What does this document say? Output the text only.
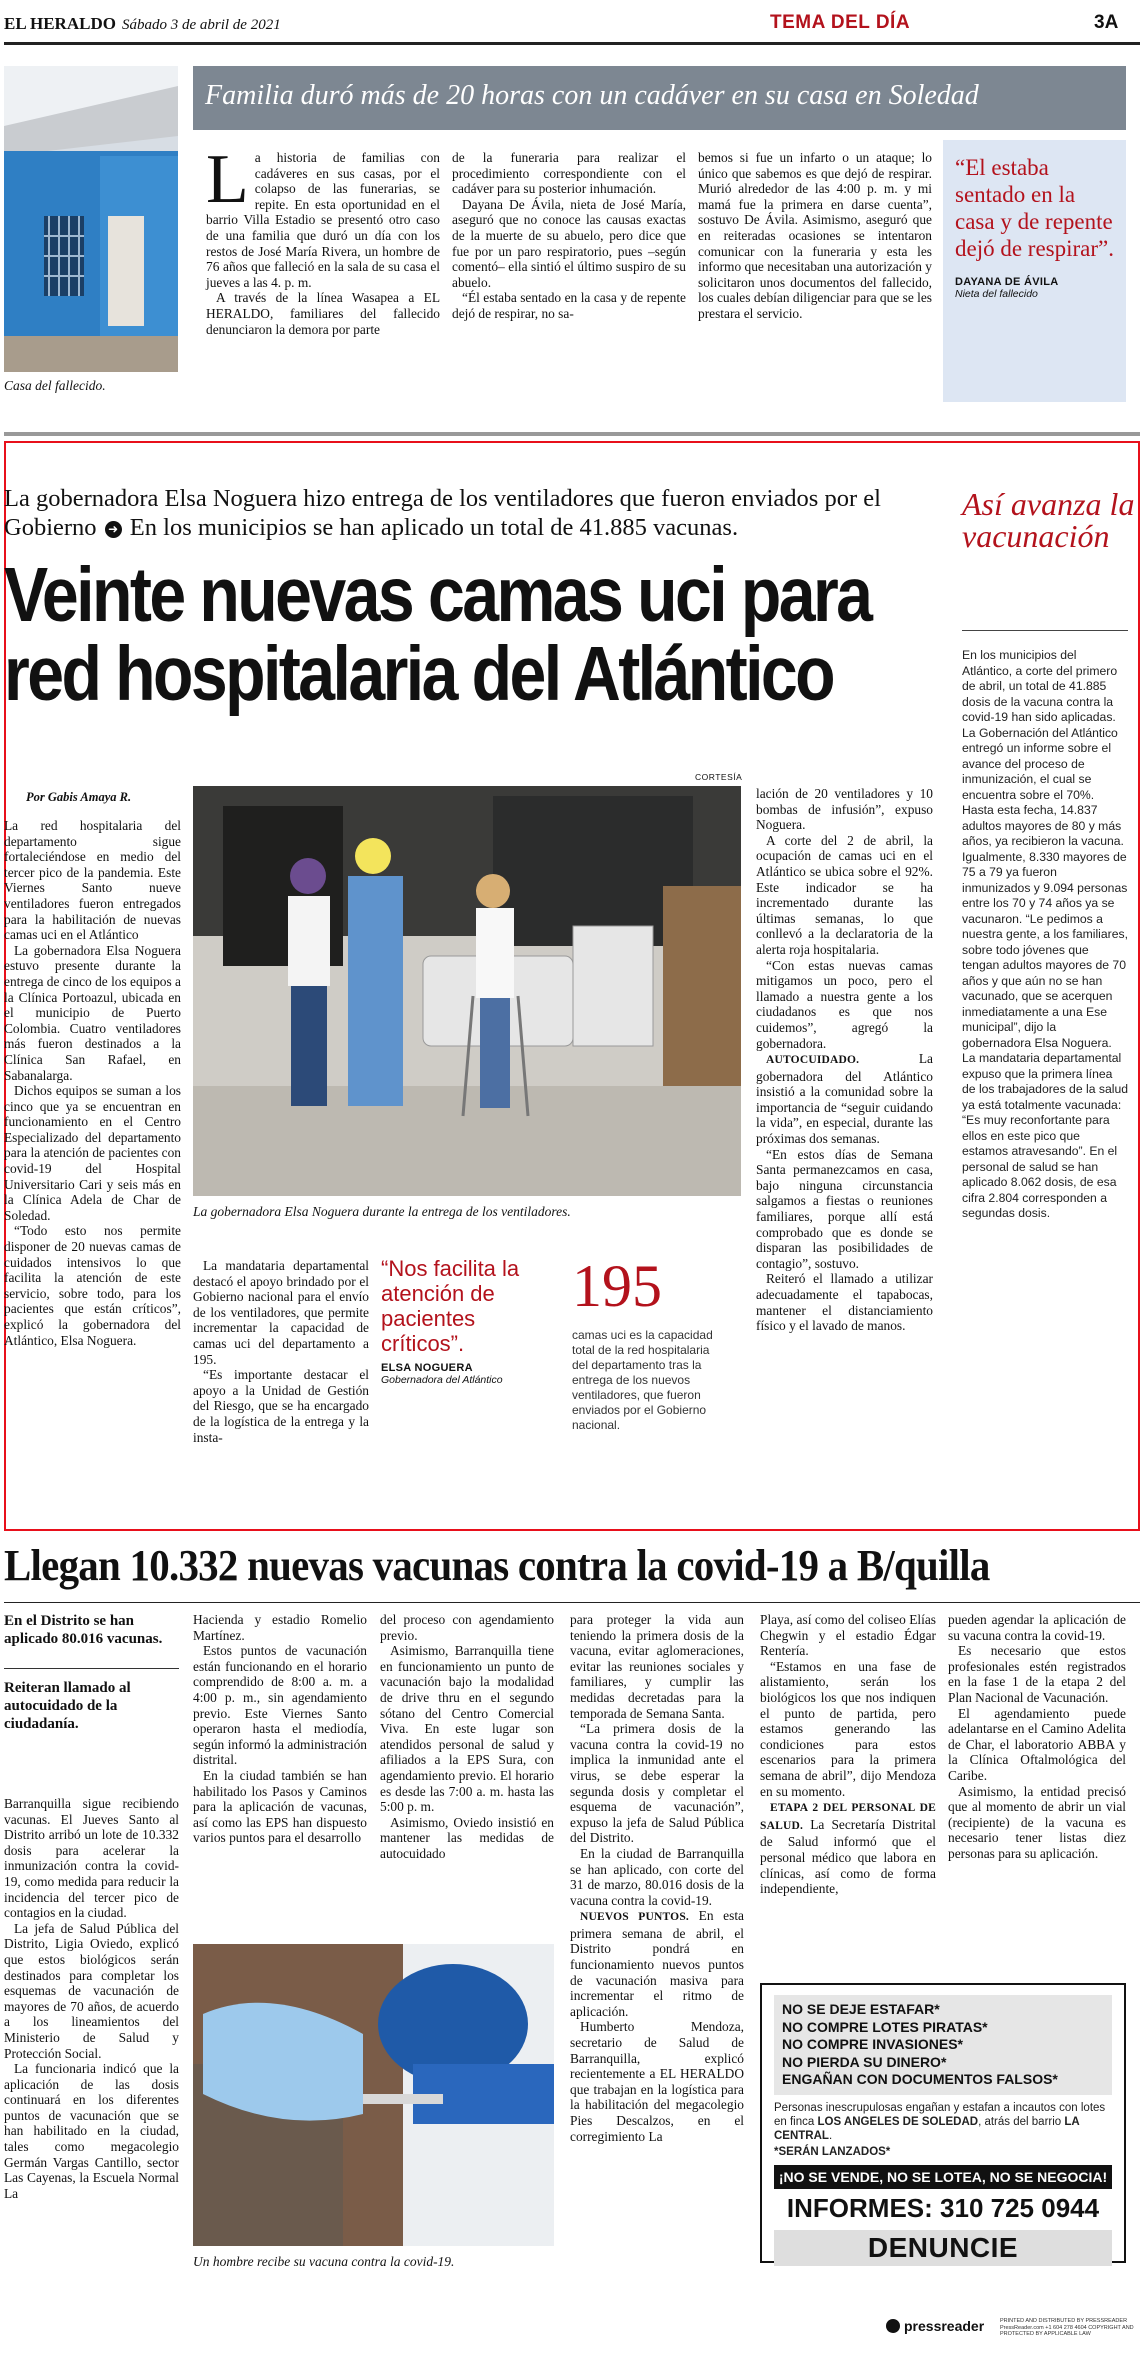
EL HERALDO Sábado 3 de abril de 2021	TEMA DEL DÍA	3A
Casa del fallecido.
Familia duró más de 20 horas con un cadáver en su casa en Soledad
La historia de familias con cadáveres en sus casas, por el colapso de las funerarias, se repite. En esta oportunidad en el barrio Villa Estadio se presentó otro caso de una familia que duró un día con los restos de José María Rivera, un hombre de 76 años que falleció en la sala de su casa el jueves a las 4. p. m.

A través de la línea Wasapea a EL HERALDO, familiares del fallecido denunciaron la demora por parte

de la funeraria para realizar el procedimiento correspondiente con el cadáver para su posterior inhumación.

Dayana De Ávila, nieta de José María, aseguró que no conoce las causas exactas de la muerte de su abuelo, pero dice que fue por un paro respiratorio, pues –según comentó– ella sintió el último suspiro de su abuelo.

“Él estaba sentado en la casa y de repente dejó de respirar, no sa-

bemos si fue un infarto o un ataque; lo único que sabemos es que dejó de respirar. Murió alrededor de las 4:00 p. m. y mi mamá fue la primera en darse cuenta”, sostuvo De Ávila. Asimismo, aseguró que en reiteradas ocasiones se intentaron comunicar con la funeraria y esta les informo que necesitaban una autorización y solicitaron unos documentos del fallecido, los cuales debían diligenciar para que se les prestara el servicio.
“El estaba sentado en la casa y de repente dejó de respirar”.
DAYANA DE ÁVILA
Nieta del fallecido
La gobernadora Elsa Noguera hizo entrega de los ventiladores que fueron enviados por el Gobierno ➜ En los municipios se han aplicado un total de 41.885 vacunas.
Veinte nuevas camas uci para red hospitalaria del Atlántico
Así avanza la vacunación
En los municipios del Atlántico, a corte del primero de abril, un total de 41.885 dosis de la vacuna contra la covid-19 han sido aplicadas. La Gobernación del Atlántico entregó un informe sobre el avance del proceso de inmunización, el cual se encuentra sobre el 70%. Hasta esta fecha, 14.837 adultos mayores de 80 y más años, ya recibieron la vacuna. Igualmente, 8.330 mayores de 75 a 79 ya fueron inmunizados y 9.094 personas entre los 70 y 74 años ya se vacunaron. “Le pedimos a nuestra gente, a los familiares, sobre todo jóvenes que tengan adultos mayores de 70 años y que aún no se han vacunado, que se acerquen inmediatamente a una Ese municipal”, dijo la gobernadora Elsa Noguera. La mandataria departamental expuso que la primera línea de los trabajadores de la salud ya está totalmente vacunada: “Es muy reconfortante para ellos en este pico que estamos atravesando”. En el personal de salud se han aplicado 8.062 dosis, de esa cifra 2.804 corresponden a segundas dosis.
Por Gabis Amaya R.
CORTESÍA
La gobernadora Elsa Noguera durante la entrega de los ventiladores.
La red hospitalaria del departamento sigue fortaleciéndose en medio del tercer pico de la pandemia. Este Viernes Santo nueve ventiladores fueron entregados para la habilitación de nuevas camas uci en el Atlántico

La gobernadora Elsa Noguera estuvo presente durante la entrega de cinco de los equipos a la Clínica Portoazul, ubicada en el municipio de Puerto Colombia. Cuatro ventiladores más fueron destinados a la Clínica San Rafael, en Sabanalarga.

Dichos equipos se suman a los cinco que ya se encuentran en funcionamiento en el Centro Especializado del departamento para la atención de pacientes con covid-19 del Hospital Universitario Cari y seis más en la Clínica Adela de Char de Soledad.

“Todo esto nos permite disponer de 20 nuevas camas de cuidados intensivos lo que facilita la atención de este servicio, sobre todo, para los pacientes que están críticos”, explicó la gobernadora del Atlántico, Elsa Noguera.

La mandataria departamental destacó el apoyo brindado por el Gobierno nacional para el envío de los ventiladores, que permite incrementar la capacidad de camas uci del departamento a 195.

“Es importante destacar el apoyo a la Unidad de Gestión del Riesgo, que se ha encargado de la logística de la entrega y la insta-

“Nos facilita la atención de pacientes críticos”.
ELSA NOGUERA
Gobernadora del Atlántico
195
camas uci es la capacidad total de la red hospitalaria del departamento tras la entrega de los nuevos ventiladores, que fueron enviados por el Gobierno nacional.
lación de 20 ventiladores y 10 bombas de infusión”, expuso Noguera.

A corte del 2 de abril, la ocupación de camas uci en el Atlántico se ubica sobre el 92%. Este indicador se ha incrementado durante las últimas semanas, lo que conllevó a la declaratoria de la alerta roja hospitalaria.

“Con estas nuevas camas mitigamos un poco, pero el llamado a nuestra gente a los ciudadanos es que nos cuidemos”, agregó la gobernadora.

AUTOCUIDADO.	La gobernadora del Atlántico insistió a la comunidad sobre la importancia de “seguir cuidando la vida”, en especial, durante las próximas dos semanas.

“En estos días de Semana Santa permanezcamos en casa, bajo ninguna circunstancia salgamos a fiestas o reuniones familiares, porque allí está comprobado que es donde se disparan las posibilidades de contagio”, sostuvo.

Reiteró el llamado a utilizar adecuadamente el tapabocas, mantener el distanciamiento físico y el lavado de manos.

Llegan 10.332 nuevas vacunas contra la covid-19 a B/quilla
En el Distrito se han aplicado 80.016 vacunas.
Reiteran llamado al autocuidado de la ciudadanía.
Barranquilla sigue recibiendo vacunas. El Jueves Santo al Distrito arribó un lote de 10.332 dosis para acelerar la inmunización contra la covid-19, como medida para reducir la incidencia del tercer pico de contagios en la ciudad.

La jefa de Salud Pública del Distrito, Ligia Oviedo, explicó que estos biológicos serán destinados para completar los esquemas de vacunación de mayores de 70 años, de acuerdo a los lineamientos del Ministerio de Salud y Protección Social.

La funcionaria indicó que la aplicación de las dosis continuará en los diferentes puntos de vacunación que se han habilitado en la ciudad, tales como megacolegio Germán Vargas Cantillo, sector Las Cayenas, la Escuela Normal La

Hacienda y estadio Romelio Martínez.

Estos puntos de vacunación están funcionando en el horario comprendido de 8:00 a. m. a 4:00 p. m., sin agendamiento previo. Este Viernes Santo operaron hasta el mediodía, según informó la administración distrital.

En la ciudad también se han habilitado los Pasos y Caminos para la aplicación de vacunas, así como las EPS han dispuesto varios puntos para el desarrollo

del proceso con agendamiento previo.

Asimismo, Barranquilla tiene en funcionamiento un punto de vacunación bajo la modalidad de drive thru en el segundo sótano del Centro Comercial Viva. En este lugar son atendidos personal de salud y afiliados a la EPS Sura, con agendamiento previo. El horario es desde las 7:00 a. m. hasta las 5:00 p. m.

Asimismo, Oviedo insistió en mantener las medidas de autocuidado

Un hombre recibe su vacuna contra la covid-19.
para proteger la vida aun teniendo la primera dosis de la vacuna, evitar aglomeraciones, evitar las reuniones sociales y familiares, y cumplir las medidas decretadas para la temporada de Semana Santa.

“La primera dosis de la vacuna contra la covid-19 no implica la inmunidad ante el virus, se debe esperar la segunda dosis y completar el esquema de vacunación”, expuso la jefa de Salud Pública del Distrito.

En la ciudad de Barranquilla se han aplicado, con corte del 31 de marzo, 80.016 dosis de la vacuna contra la covid-19.

NUEVOS PUNTOS. En esta primera semana de abril, el Distrito pondrá en funcionamiento nuevos puntos de vacunación masiva para incrementar el ritmo de aplicación.

Humberto Mendoza, secretario de Salud de Barranquilla, explicó recientemente a EL HERALDO que trabajan en la logística para la habilitación del megacolegio Pies Descalzos, en el corregimiento La

Playa, así como del coliseo Elías Chegwin y el estadio Édgar Rentería.

“Estamos en una fase de alistamiento, serán los biológicos los que nos indiquen el punto de partida, pero estamos generando las condiciones para estos escenarios para la primera semana de abril”, dijo Mendoza en su momento.

ETAPA 2 DEL PERSONAL DE SALUD. La Secretaría Distrital de Salud informó que el personal médico que labora en clínicas, así como de forma independiente,

pueden agendar la aplicación de su vacuna contra la covid-19.

Es necesario que estos profesionales estén registrados en la fase 1 de la etapa 2 del Plan Nacional de Vacunación.

El agendamiento puede adelantarse en el Camino Adelita de Char, el laboratorio ABBA y la Clínica Oftalmológica del Caribe.

Asimismo, la entidad precisó que al momento de abrir un vial (recipiente) de la vacuna es necesario tener listas diez personas para su aplicación.

NO SE DEJE ESTAFAR*
NO COMPRE LOTES PIRATAS*
NO COMPRE INVASIONES*
NO PIERDA SU DINERO*
ENGAÑAN CON DOCUMENTOS FALSOS*
Personas inescrupulosas engañan y estafan a incautos con lotes en finca LOS ANGELES DE SOLEDAD, atrás del barrio LA CENTRAL.
*SERÁN LANZADOS*
¡NO SE VENDE, NO SE LOTEA, NO SE NEGOCIA!
INFORMES: 310 725 0944
DENUNCIE
pressreader	PRINTED AND DISTRIBUTED BY PRESSREADER PressReader.com +1 604 278 4604 COPYRIGHT AND PROTECTED BY APPLICABLE LAW
